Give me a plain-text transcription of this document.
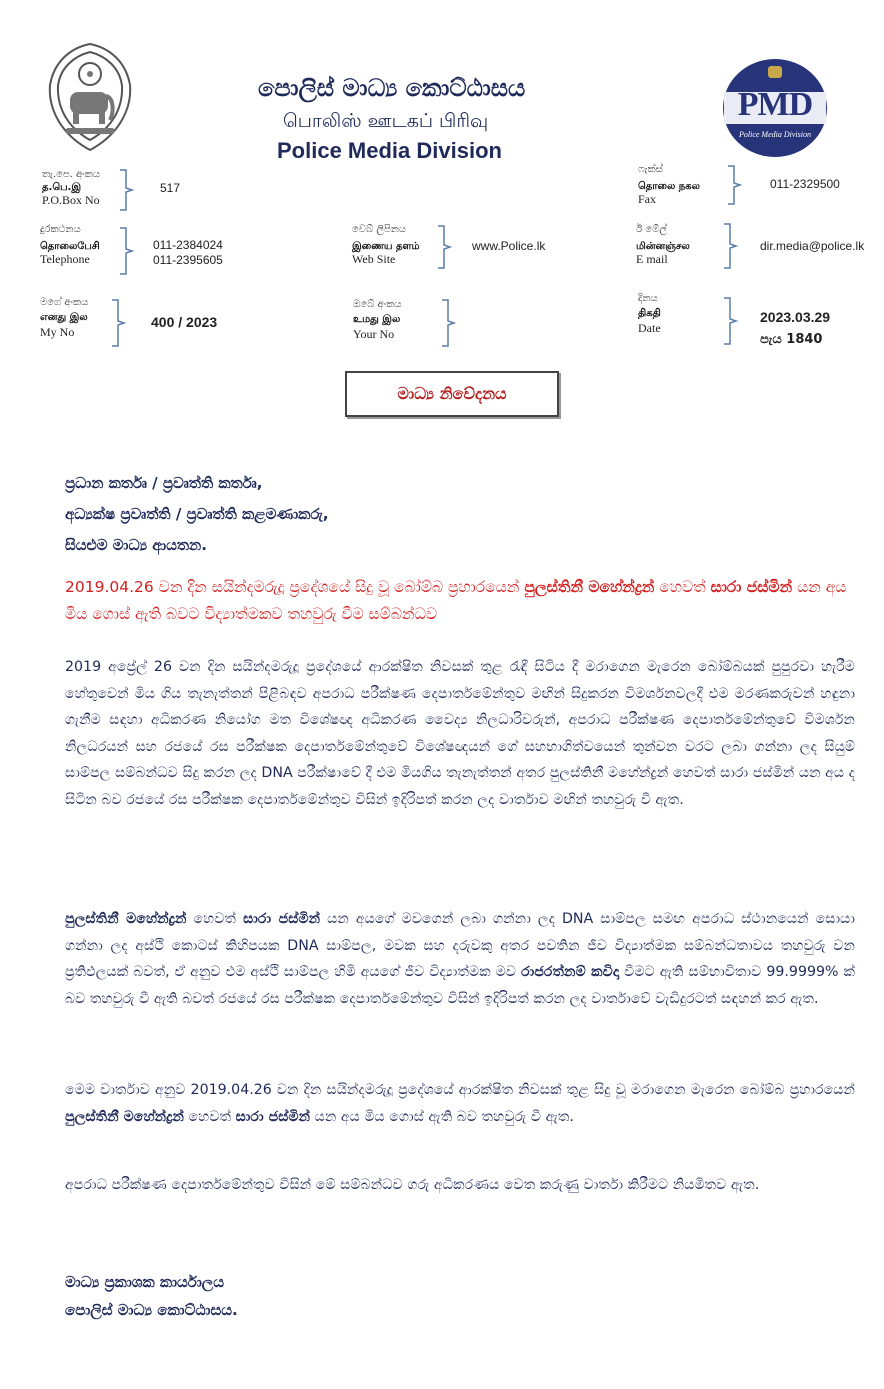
පොලිස් මාධ්‍ය කොට්ඨාසය
பொலிஸ் ஊடகப் பிரிவு
Police Media Division
PMD
Police Media Division
තැ.පෙ. අංකය
த.பெ.இ
P.O.Box No
517
ෆැක්ස්
தொலை நகல
Fax
011-2329500
දුරකථනය
தொலைபேசி
Telephone
011-2384024
011-2395605
වෙබ් ලිපිනය
இணைய தளம்
Web Site
www.Police.lk
ඊ මේල්
மின்னஞ்சல
E mail
dir.media@police.lk
මගේ අංකය
எனது இல
My No
400 / 2023
ඔබේ අංකය
உமது இல
Your No
දිනය
திகதி
Date
2023.03.29
පැය 1840
මාධ්‍ය නිවේදනය
ප්‍රධාන කර්තෘ / ප්‍රවෘත්ති කර්තෘ,
අධ්‍යක්ෂ ප්‍රවෘත්ති / ප්‍රවෘත්ති කළමණාකරු,
සියළුම මාධ්‍ය ආයතන.
2019.04.26 වන දින සයින්දමරුදූ ප්‍රදේශයේ සිදු වූ බෝම්බ ප්‍රහාරයෙන් පුලස්තිනී මහේන්ද්‍රන් හෙවත් සාරා ජස්මින් යන අය මිය ගොස් ඇති බවට විද්‍යාත්මකව තහවුරු වීම සම්බන්ධව
2019 අප්‍රේල් 26 වන දින සයින්දමරුදූ ප්‍රදේශයේ ආරක්ෂිත නිවසක් තුළ රැඳී සිටිය දී මරාගෙන මැරෙන බෝම්බයක් පුපුරවා හැරීම හේතුවෙන් මිය ගිය තැනැත්තන් පිළිබඳව අපරාධ පරීක්ෂණ දෙපාර්තමේන්තුව මඟින් සිදුකරන විමර්ශනවලදී එම මරණකරුවන් හඳුනා ගැනීම සඳහා අධිකරණ නියෝග මත විශේෂඥ අධිකරණ වෛද්‍ය නිලධාරිවරුන්, අපරාධ පරීක්ෂණ දෙපාර්තමේන්තුවේ විමර්ශන නිලධරයන් සහ රජයේ රස පරීක්ෂක දෙපාර්තමේන්තුවේ විශේෂඥයන් ගේ සහභාගිත්වයෙන් තුන්වන වරට ලබා ගන්නා ලද සියුම් සාම්පල සම්බන්ධව සිදු කරන ලද DNA පරීක්ෂාවේ දී එම මියගිය තැනැත්තන් අතර පුලස්තිනී මහේන්ද්‍රන් හෙවත් සාරා ජස්මින් යන අය ද සිටින බව රජයේ රස පරීක්ෂක දෙපාර්තමේන්තුව විසින් ඉදිරිපත් කරන ලද වාර්තාව මඟින් තහවුරු වී ඇත.
පුලස්තිනී මහේන්ද්‍රන් හෙවත් සාරා ජස්මින් යන අයගේ මවගෙන් ලබා ගන්නා ලද DNA සාම්පල සමඟ අපරාධ ස්ථානයෙන් සොයා ගන්නා ලද අස්ථි කොටස් කිහිපයක DNA සාම්පල, මවක සහ දරුවකු අතර පවතින ජීව විද්‍යාත්මක සම්බන්ධතාවය තහවුරු වන ප්‍රතිඵලයක් බවත්, ඒ අනුව එම අස්ථි සාම්පල හිමි අයගේ ජීව විද්‍යාත්මක මව රාජරත්නම් කවිදා වීමට ඇති සම්භාවිතාව 99.9999% ක් බව තහවුරු වී ඇති බවත් රජයේ රස පරීක්ෂක දෙපාර්තමේන්තුව විසින් ඉදිරිපත් කරන ලද වාර්තාවේ වැඩිදුරටත් සඳහන් කර ඇත.
මෙම වාර්තාව අනුව 2019.04.26 වන දින සයින්දමරුදූ ප්‍රදේශයේ ආරක්ෂිත නිවසක් තුළ සිදු වූ මරාගෙන මැරෙන බෝම්බ ප්‍රහාරයෙන් පුලස්තිනී මහේන්ද්‍රන් හෙවත් සාරා ජස්මින් යන අය මිය ගොස් ඇති බව තහවුරු වී ඇත.
අපරාධ පරීක්ෂණ දෙපාර්තමේන්තුව විසින් මේ සම්බන්ධව ගරු අධිකරණය වෙත කරුණු වාර්තා කිරීමට නියමිතව ඇත.
මාධ්‍ය ප්‍රකාශක කාර්යාලය
පොලිස් මාධ්‍ය කොට්ඨාසය.
